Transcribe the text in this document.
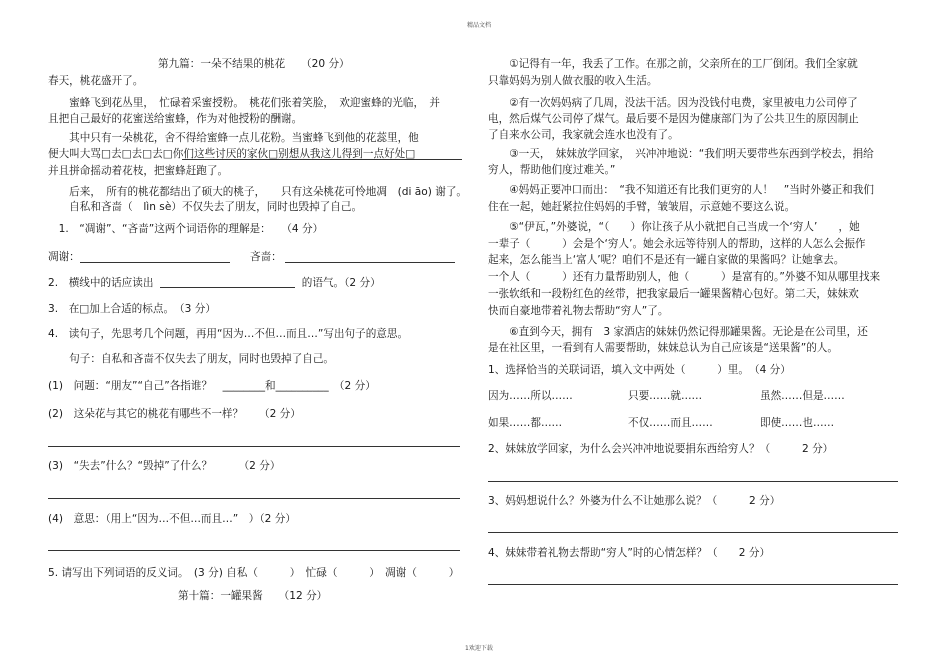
精品文档
1欢迎下载
第九篇：一朵不结果的桃花　　（20 分）
春天，桃花盛开了。
　　蜜蜂飞到花丛里，　忙碌着采蜜授粉。　桃花们张着笑脸，　欢迎蜜蜂的光临，　并
且把自己最好的花蜜送给蜜蜂，作为对他授粉的酬谢。
　　其中只有一朵桃花，舍不得给蜜蜂一点儿花粉。当蜜蜂飞到他的花蕊里，他
便大叫大骂□去□去□去□你们这些讨厌的家伙□别想从我这儿得到一点好处□
并且拼命摇动着花枝，把蜜蜂赶跑了。
　　后来，　所有的桃花都结出了硕大的桃子，　　只有这朵桃花可怜地凋　(di āo) 谢了。
　　自私和吝啬（　lìn sè）不仅失去了朋友，同时也毁掉了自己。
　1.　“凋谢”、“吝啬”这两个词语你的理解是：　　（4 分）
凋谢：	吝啬：
2.　横线中的话应读出　　　　　　　　　　　　　　的语气。（2 分）
3.　在□加上合适的标点。　（3 分）
4.　读句子，先思考几个问题，再用“因为…不但…而且…”写出句子的意思。
　　句子：自私和吝啬不仅失去了朋友，同时也毁掉了自己。
(1)　问题：“朋友”“自己”各指谁？　________和__________　（2 分）
(2)　这朵花与其它的桃花有哪些不一样？　　（2 分）
(3)　“失去”什么？“毁掉”了什么？　　　（2 分）
(4)　意思：（用上“因为…不但…而且…”　）（2 分）
5. 请写出下列词语的反义词。　(3 分) 自私（　　　）　忙碌（　　　）　凋谢（　　　）
第十篇：一罐果酱　　（12 分）
　　①记得有一年，我丢了工作。在那之前，父亲所在的工厂倒闭。我们全家就
只靠妈妈为别人做衣服的收入生活。
　　②有一次妈妈病了几周，没法干活。因为没钱付电费，家里被电力公司停了
电，然后煤气公司停了煤气。最后要不是因为健康部门为了公共卫生的原因制止
了自来水公司，我家就会连水也没有了。
　　③一天，　妹妹放学回家，　兴冲冲地说：“我们明天要带些东西到学校去，捐给
穷人，帮助他们度过难关。”
　　④妈妈正要冲口而出：　“我不知道还有比我们更穷的人！　”当时外婆正和我们
住在一起，她赶紧拉住妈妈的手臂，皱皱眉，示意她不要这么说。
　　⑤“伊瓦，”外婆说，“（　　）你让孩子从小就把自己当成一个‘穷人’　　，她
一辈子（　　　）会是个‘穷人’。她会永远等待别人的帮助，这样的人怎么会振作
起来，怎么能当上‘富人’呢？咱们不是还有一罐自家做的果酱吗？让她拿去。
一个人（　　　）还有力量帮助别人，他（　　　）是富有的。”外婆不知从哪里找来
一张软纸和一段粉红色的丝带，把我家最后一罐果酱精心包好。第二天，妹妹欢
快而自豪地带着礼物去帮助“穷人”了。
　　⑥直到今天，拥有　3 家酒店的妹妹仍然记得那罐果酱。无论是在公司里，还
是在社区里，一看到有人需要帮助，妹妹总认为自己应该是“送果酱”的人。
1、选择恰当的关联词语，填入文中两处（　　　）里。　（4 分）
因为……所以……	只要……就……	虽然……但是……
如果……都……	不仅……而且……	即使……也……
2、妹妹放学回家，为什么会兴冲冲地说要捐东西给穷人？（　　　2 分）
3、妈妈想说什么？外婆为什么不让她那么说？（　　　2 分）
4、妹妹带着礼物去帮助“穷人”时的心情怎样？（　　2 分）
